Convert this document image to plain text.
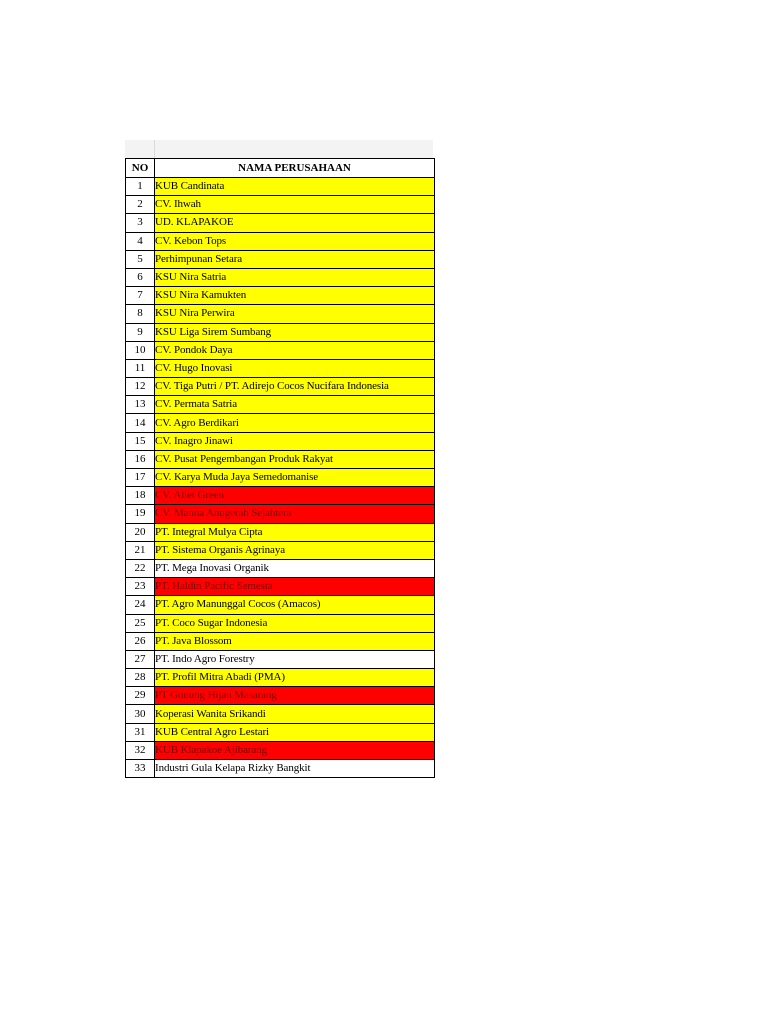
NO	NAMA PERUSAHAAN
1	KUB Candinata
2	CV. Ihwah
3	UD. KLAPAKOE
4	CV. Kebon Tops
5	Perhimpunan Setara
6	KSU Nira Satria
7	KSU Nira Kamukten
8	KSU Nira Perwira
9	KSU Liga Sirem Sumbang
10	CV. Pondok Daya
11	CV. Hugo Inovasi
12	CV. Tiga Putri / PT. Adirejo Cocos Nucifara Indonesia
13	CV. Permata Satria
14	CV. Agro Berdikari
15	CV. Inagro Jinawi
16	CV. Pusat Pengembangan Produk Rakyat
17	CV. Karya Muda Jaya Semedomanise
18	CV. Aliet Green
19	CV. Manna Anugerah Sejahtera
20	PT. Integral Mulya Cipta
21	PT. Sistema Organis Agrinaya
22	PT. Mega Inovasi Organik
23	PT. Haldin Pacific Semesta
24	PT. Agro Manunggal Cocos (Amacos)
25	PT. Coco Sugar Indonesia
26	PT. Java Blossom
27	PT. Indo Agro Forestry
28	PT. Profil Mitra Abadi (PMA)
29	PT Gunung Hijau Masarang
30	Koperasi Wanita Srikandi
31	KUB Central Agro Lestari
32	KUB Klapakoe Ajibarang
33	Industri Gula Kelapa Rizky Bangkit
